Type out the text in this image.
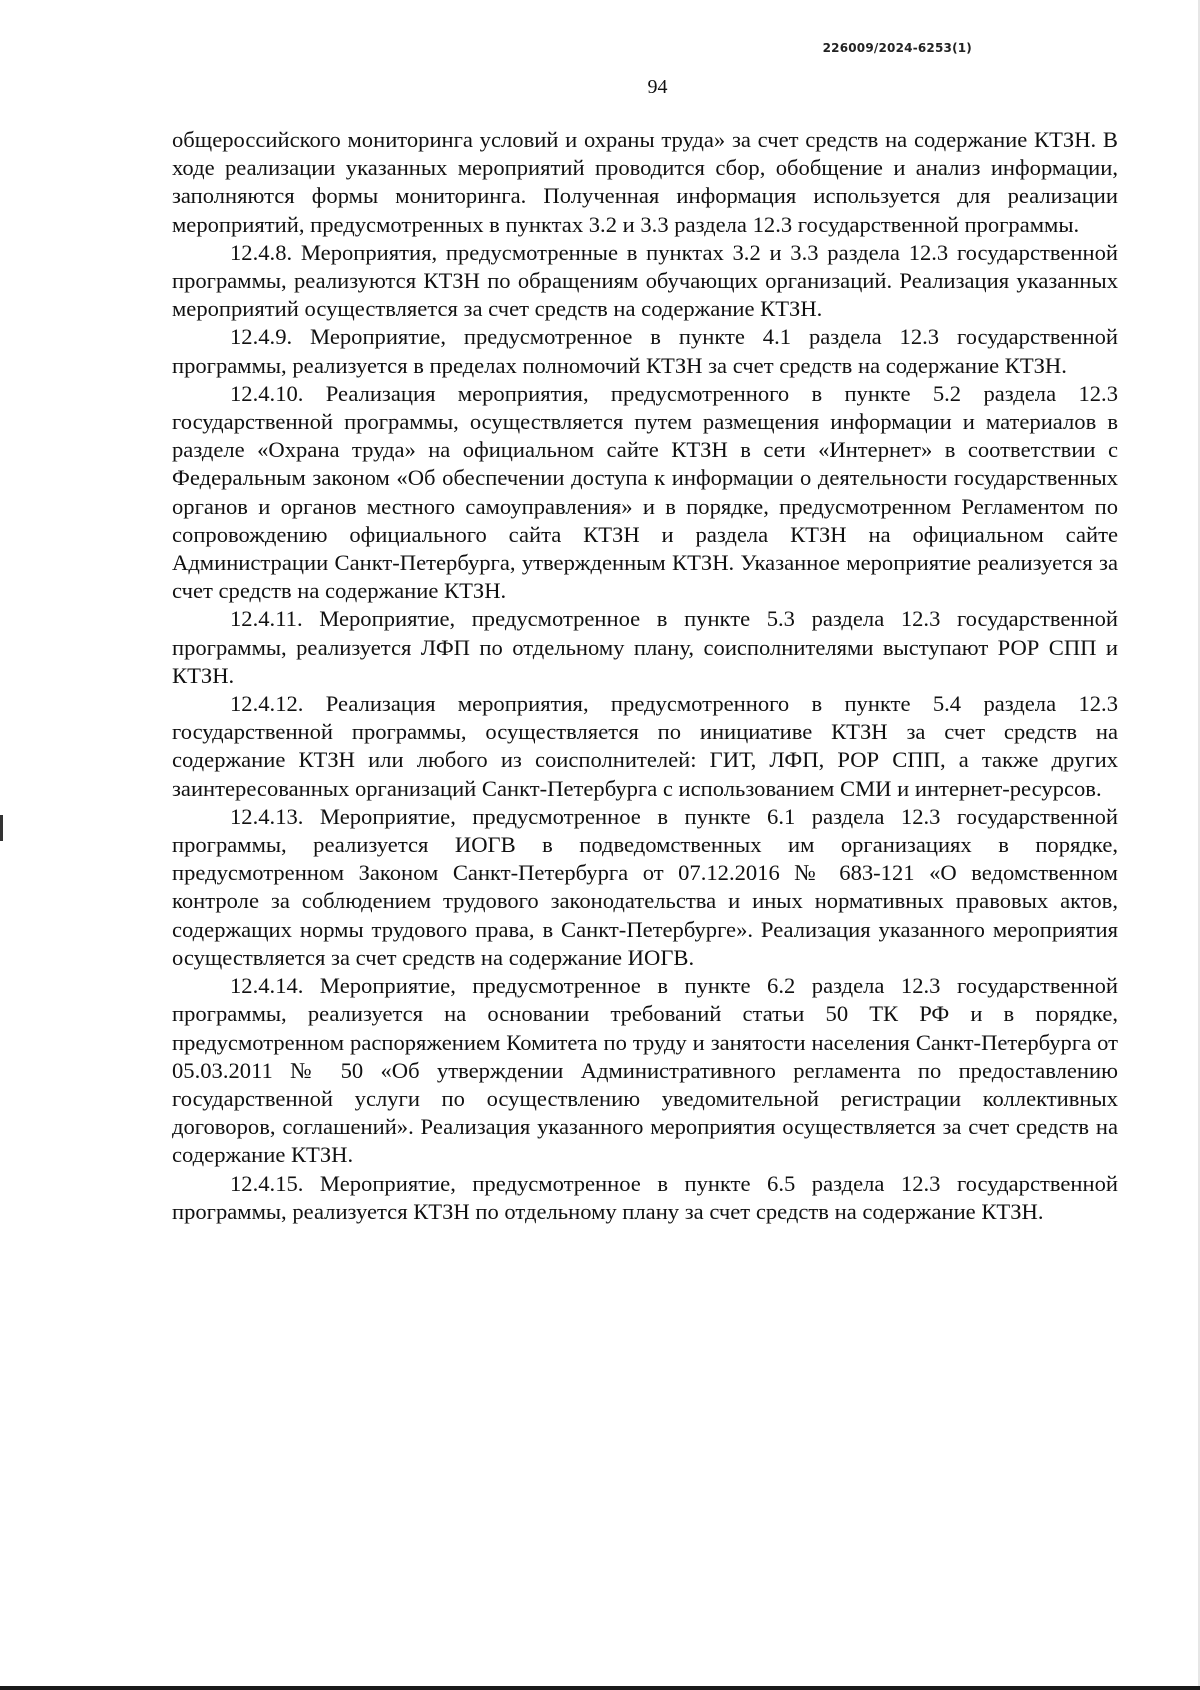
226009/2024-6253(1)
94

общероссийского мониторинга условий и охраны труда» за счет средств на содержание КТЗН. В ходе реализации указанных мероприятий проводится сбор, обобщение и анализ информации, заполняются формы мониторинга. Полученная информация используется для реализации мероприятий, предусмотренных в пунктах 3.2 и 3.3 раздела 12.3 государственной программы.

12.4.8. Мероприятия, предусмотренные в пунктах 3.2 и 3.3 раздела 12.3 государственной программы, реализуются КТЗН по обращениям обучающих организаций. Реализация указанных мероприятий осуществляется за счет средств на содержание КТЗН.

12.4.9. Мероприятие, предусмотренное в пункте 4.1 раздела 12.3 государственной программы, реализуется в пределах полномочий КТЗН за счет средств на содержание КТЗН.

12.4.10. Реализация мероприятия, предусмотренного в пункте 5.2 раздела 12.3 государственной программы, осуществляется путем размещения информации и материалов в разделе «Охрана труда» на официальном сайте КТЗН в сети «Интернет» в соответствии с Федеральным законом «Об обеспечении доступа к информации о деятельности государственных органов и органов местного самоуправления» и в порядке, предусмотренном Регламентом по сопровождению официального сайта КТЗН и раздела КТЗН на официальном сайте Администрации Санкт-Петербурга, утвержденным КТЗН. Указанное мероприятие реализуется за счет средств на содержание КТЗН.

12.4.11. Мероприятие, предусмотренное в пункте 5.3 раздела 12.3 государственной программы, реализуется ЛФП по отдельному плану, соисполнителями выступают РОР СПП и КТЗН.

12.4.12. Реализация мероприятия, предусмотренного в пункте 5.4 раздела 12.3 государственной программы, осуществляется по инициативе КТЗН за счет средств на содержание КТЗН или любого из соисполнителей: ГИТ, ЛФП, РОР СПП, а также других заинтересованных организаций Санкт-Петербурга с использованием СМИ и интернет-ресурсов.

12.4.13. Мероприятие, предусмотренное в пункте 6.1 раздела 12.3 государственной программы, реализуется ИОГВ в подведомственных им организациях в порядке, предусмотренном Законом Санкт-Петербурга от 07.12.2016 № 683-121 «О ведомственном контроле за соблюдением трудового законодательства и иных нормативных правовых актов, содержащих нормы трудового права, в Санкт-Петербурге». Реализация указанного мероприятия осуществляется за счет средств на содержание ИОГВ.

12.4.14. Мероприятие, предусмотренное в пункте 6.2 раздела 12.3 государственной программы, реализуется на основании требований статьи 50 ТК РФ и в порядке, предусмотренном распоряжением Комитета по труду и занятости населения Санкт-Петербурга от 05.03.2011 № 50 «Об утверждении Административного регламента по предоставлению государственной услуги по осуществлению уведомительной регистрации коллективных договоров, соглашений». Реализация указанного мероприятия осуществляется за счет средств на содержание КТЗН.

12.4.15. Мероприятие, предусмотренное в пункте 6.5 раздела 12.3 государственной программы, реализуется КТЗН по отдельному плану за счет средств на содержание КТЗН.
